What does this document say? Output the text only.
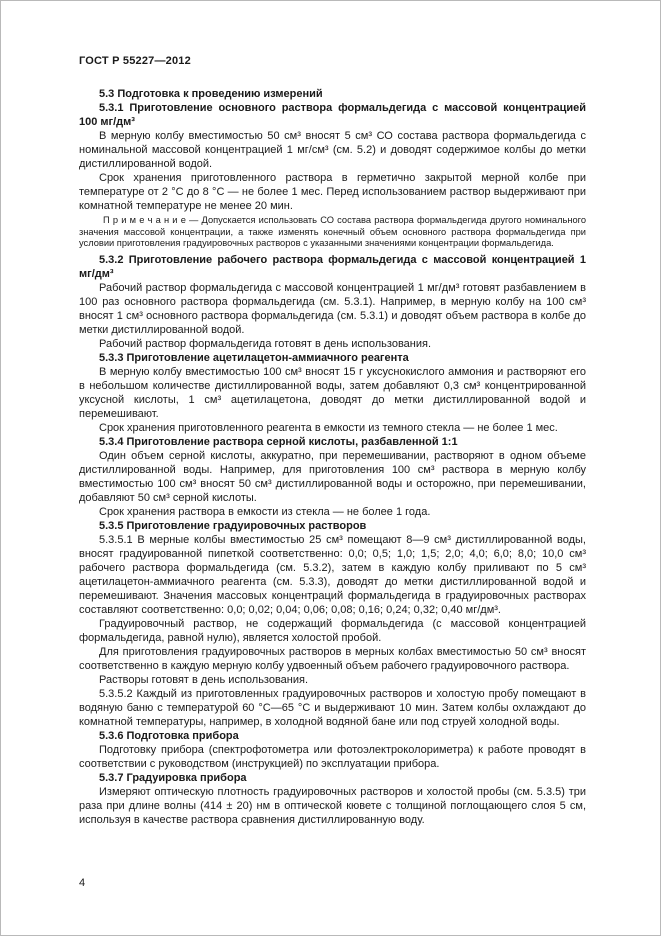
ГОСТ Р 55227—2012

5.3 Подготовка к проведению измерений

5.3.1 Приготовление основного раствора формальдегида с массовой концентрацией 100 мг/дм³

В мерную колбу вместимостью 50 см³ вносят 5 см³ СО состава раствора формальдегида с номинальной массовой концентрацией 1 мг/см³ (см. 5.2) и доводят содержимое колбы до метки дистиллированной водой.

Срок хранения приготовленного раствора в герметично закрытой мерной колбе при температуре от 2 °С до 8 °С — не более 1 мес. Перед использованием раствор выдерживают при комнатной температуре не менее 20 мин.

П р и м е ч а н и е — Допускается использовать СО состава раствора формальдегида другого номинального значения массовой концентрации, а также изменять конечный объем основного раствора формальдегида при условии приготовления градуировочных растворов с указанными значениями концентрации формальдегида.

5.3.2 Приготовление рабочего раствора формальдегида с массовой концентрацией 1 мг/дм³

Рабочий раствор формальдегида с массовой концентрацией 1 мг/дм³ готовят разбавлением в 100 раз основного раствора формальдегида (см. 5.3.1). Например, в мерную колбу на 100 см³ вносят 1 см³ основного раствора формальдегида (см. 5.3.1) и доводят объем раствора в колбе до метки дистиллированной водой.

Рабочий раствор формальдегида готовят в день использования.

5.3.3 Приготовление ацетилацетон-аммиачного реагента

В мерную колбу вместимостью 100 см³ вносят 15 г уксуснокислого аммония и растворяют его в небольшом количестве дистиллированной воды, затем добавляют 0,3 см³ концентрированной уксусной кислоты, 1 см³ ацетилацетона, доводят до метки дистиллированной водой и перемешивают.

Срок хранения приготовленного реагента в емкости из темного стекла — не более 1 мес.

5.3.4 Приготовление раствора серной кислоты, разбавленной 1:1

Один объем серной кислоты, аккуратно, при перемешивании, растворяют в одном объеме дистиллированной воды. Например, для приготовления 100 см³ раствора в мерную колбу вместимостью 100 см³ вносят 50 см³ дистиллированной воды и осторожно, при перемешивании, добавляют 50 см³ серной кислоты.

Срок хранения раствора в емкости из стекла — не более 1 года.

5.3.5 Приготовление градуировочных растворов

5.3.5.1 В мерные колбы вместимостью 25 см³ помещают 8—9 см³ дистиллированной воды, вносят градуированной пипеткой соответственно: 0,0; 0,5; 1,0; 1,5; 2,0; 4,0; 6,0; 8,0; 10,0 см³ рабочего раствора формальдегида (см. 5.3.2), затем в каждую колбу приливают по 5 см³ ацетилацетон-аммиачного реагента (см. 5.3.3), доводят до метки дистиллированной водой и перемешивают. Значения массовых концентраций формальдегида в градуировочных растворах составляют соответственно: 0,0; 0,02; 0,04; 0,06; 0,08; 0,16; 0,24; 0,32; 0,40 мг/дм³.

Градуировочный раствор, не содержащий формальдегида (с массовой концентрацией формальдегида, равной нулю), является холостой пробой.

Для приготовления градуировочных растворов в мерных колбах вместимостью 50 см³ вносят соответственно в каждую мерную колбу удвоенный объем рабочего градуировочного раствора.

Растворы готовят в день использования.

5.3.5.2 Каждый из приготовленных градуировочных растворов и холостую пробу помещают в водяную баню с температурой 60 °С—65 °С и выдерживают 10 мин. Затем колбы охлаждают до комнатной температуры, например, в холодной водяной бане или под струей холодной воды.

5.3.6 Подготовка прибора

Подготовку прибора (спектрофотометра или фотоэлектроколориметра) к работе проводят в соответствии с руководством (инструкцией) по эксплуатации прибора.

5.3.7 Градуировка прибора

Измеряют оптическую плотность градуировочных растворов и холостой пробы (см. 5.3.5) три раза при длине волны (414 ± 20) нм в оптической кювете с толщиной поглощающего слоя 5 см, используя в качестве раствора сравнения дистиллированную воду.

4
